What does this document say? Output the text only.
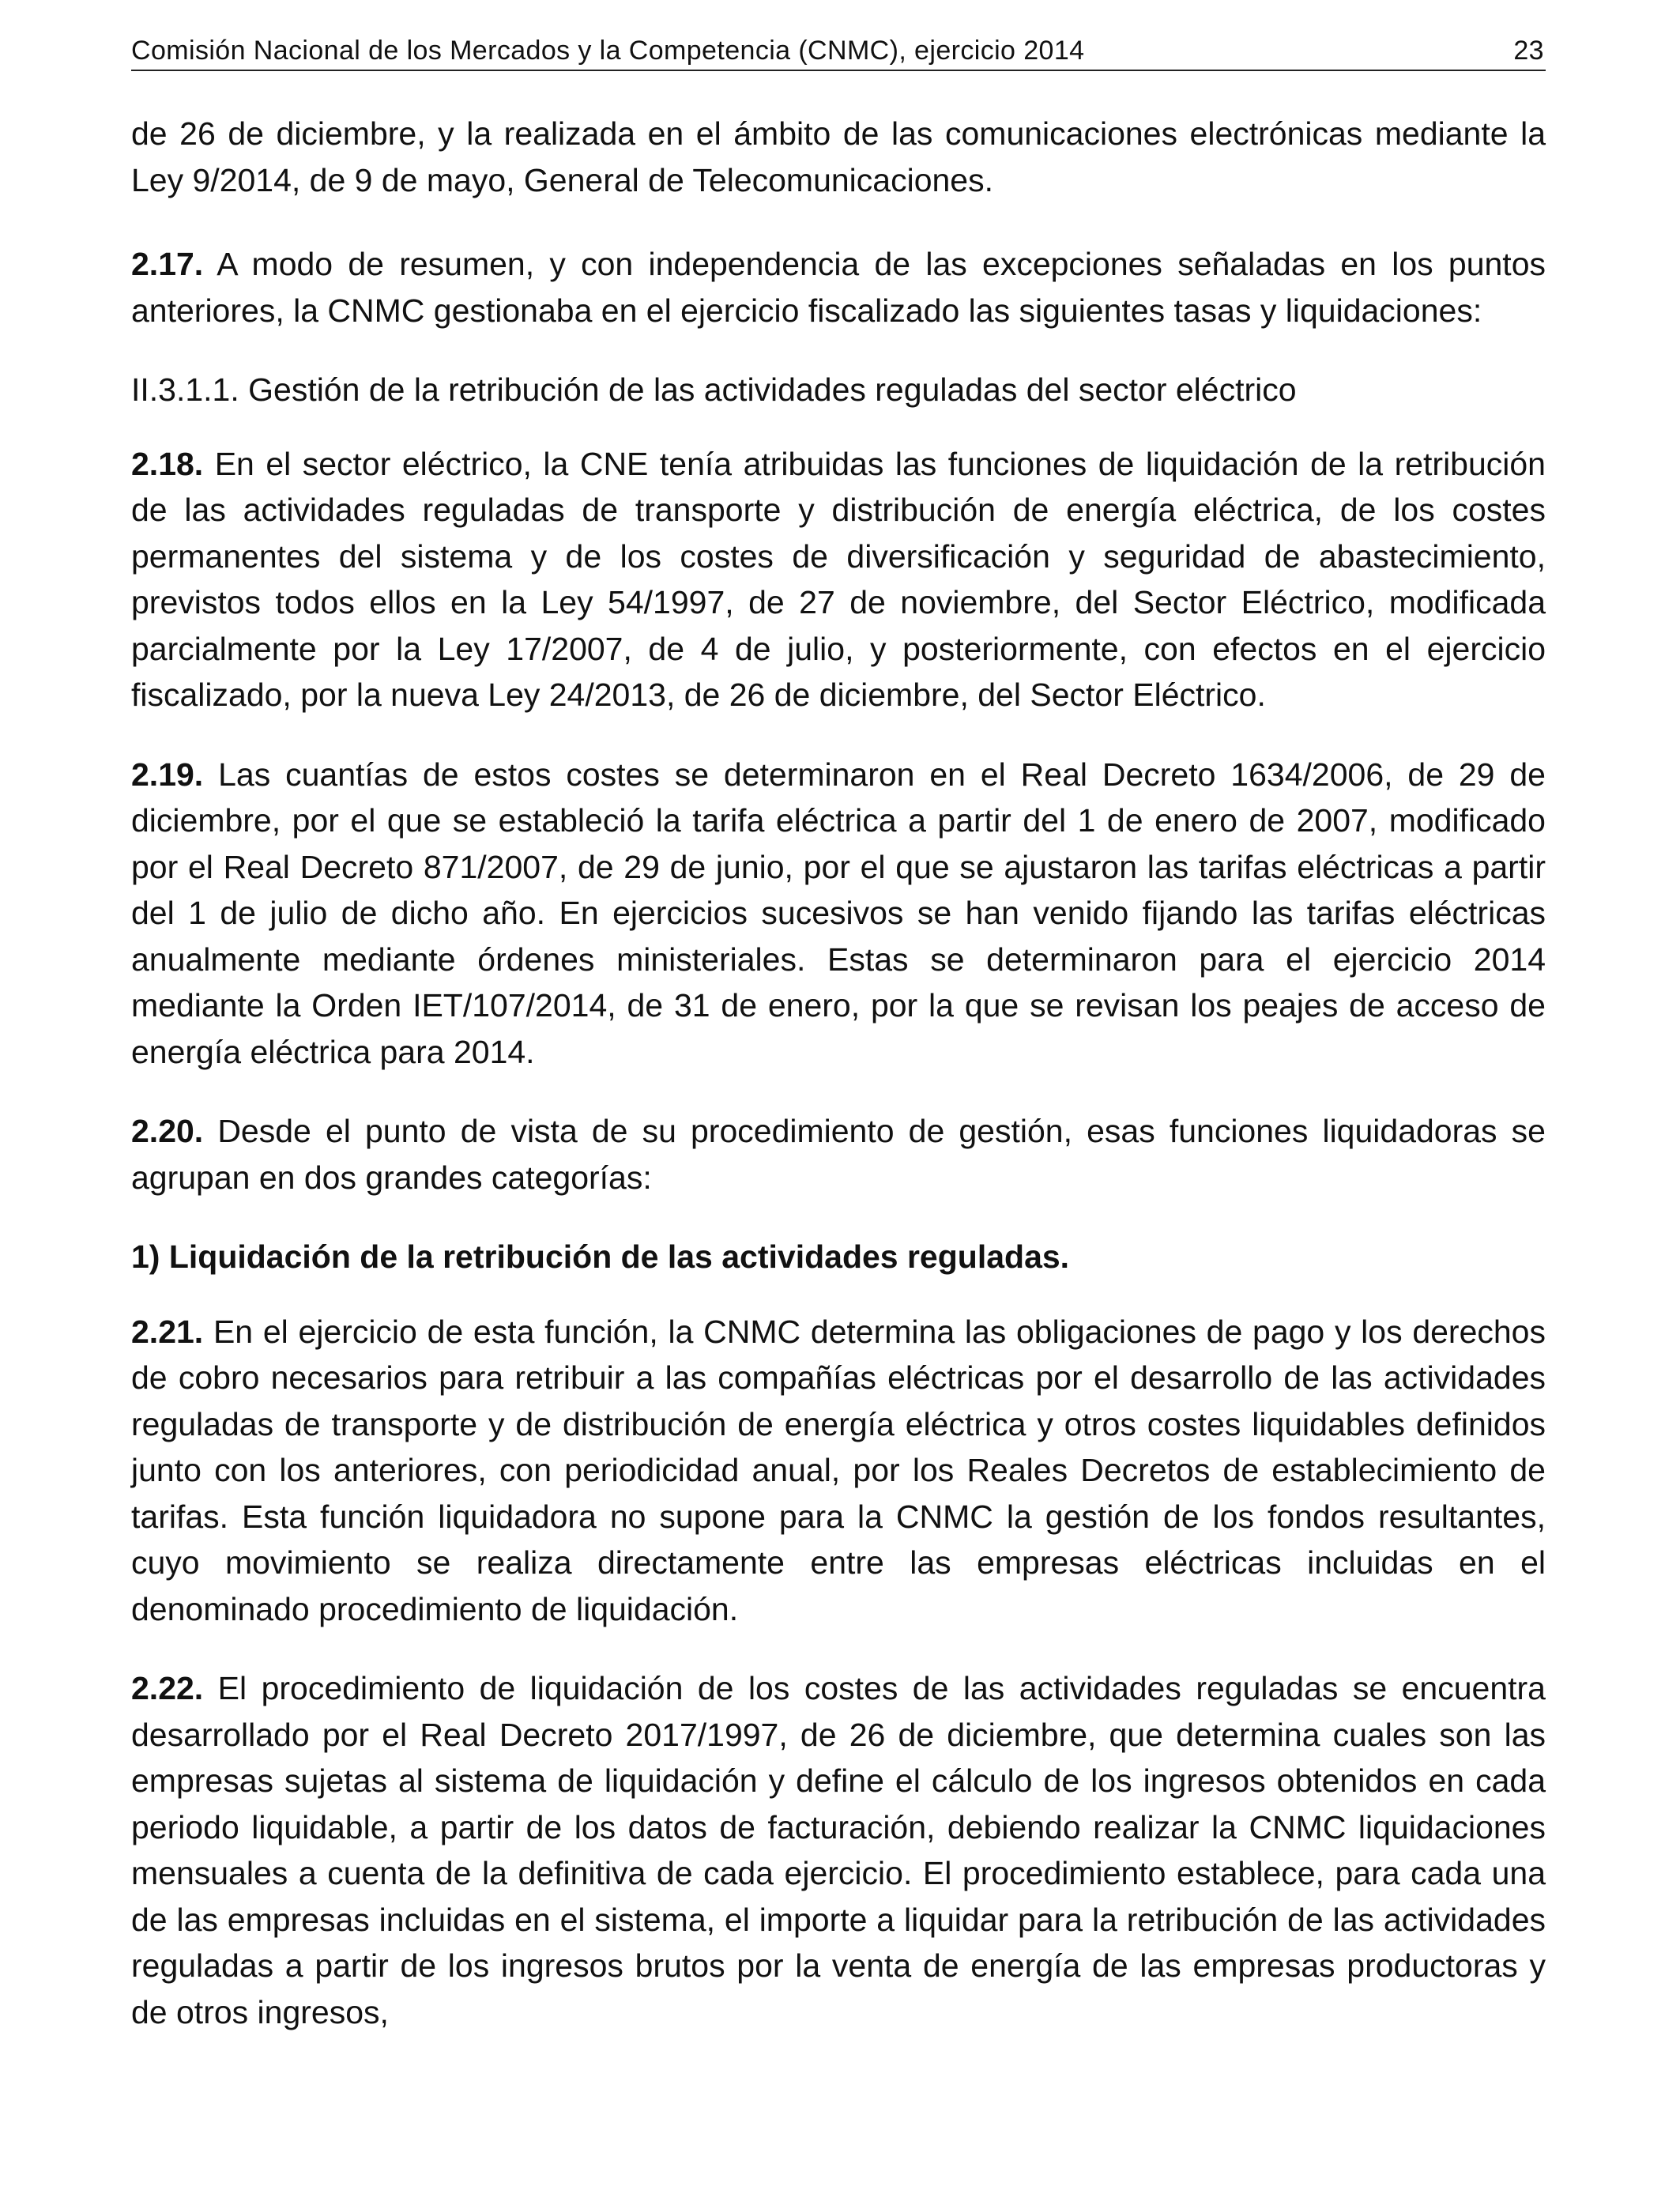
Comisión Nacional de los Mercados y la Competencia (CNMC), ejercicio 2014	23

de 26 de diciembre, y la realizada en el ámbito de las comunicaciones electrónicas mediante la Ley 9/2014, de 9 de mayo, General de Telecomunicaciones.

2.17. A modo de resumen, y con independencia de las excepciones señaladas en los puntos anteriores, la CNMC gestionaba en el ejercicio fiscalizado las siguientes tasas y liquidaciones:

II.3.1.1. Gestión de la retribución de las actividades reguladas del sector eléctrico

2.18. En el sector eléctrico, la CNE tenía atribuidas las funciones de liquidación de la retribución de las actividades reguladas de transporte y distribución de energía eléctrica, de los costes permanentes del sistema y de los costes de diversificación y seguridad de abastecimiento, previstos todos ellos en la Ley 54/1997, de 27 de noviembre, del Sector Eléctrico, modificada parcialmente por la Ley 17/2007, de 4 de julio, y posteriormente, con efectos en el ejercicio fiscalizado, por la nueva Ley 24/2013, de 26 de diciembre, del Sector Eléctrico.

2.19. Las cuantías de estos costes se determinaron en el Real Decreto 1634/2006, de 29 de diciembre, por el que se estableció la tarifa eléctrica a partir del 1 de enero de 2007, modificado por el Real Decreto 871/2007, de 29 de junio, por el que se ajustaron las tarifas eléctricas a partir del 1 de julio de dicho año. En ejercicios sucesivos se han venido fijando las tarifas eléctricas anualmente mediante órdenes ministeriales. Estas se determinaron para el ejercicio 2014 mediante la Orden IET/107/2014, de 31 de enero, por la que se revisan los peajes de acceso de energía eléctrica para 2014.

2.20. Desde el punto de vista de su procedimiento de gestión, esas funciones liquidadoras se agrupan en dos grandes categorías:

1) Liquidación de la retribución de las actividades reguladas.

2.21. En el ejercicio de esta función, la CNMC determina las obligaciones de pago y los derechos de cobro necesarios para retribuir a las compañías eléctricas por el desarrollo de las actividades reguladas de transporte y de distribución de energía eléctrica y otros costes liquidables definidos junto con los anteriores, con periodicidad anual, por los Reales Decretos de establecimiento de tarifas. Esta función liquidadora no supone para la CNMC la gestión de los fondos resultantes, cuyo movimiento se realiza directamente entre las empresas eléctricas incluidas en el denominado procedimiento de liquidación.

2.22. El procedimiento de liquidación de los costes de las actividades reguladas se encuentra desarrollado por el Real Decreto 2017/1997, de 26 de diciembre, que determina cuales son las empresas sujetas al sistema de liquidación y define el cálculo de los ingresos obtenidos en cada periodo liquidable, a partir de los datos de facturación, debiendo realizar la CNMC liquidaciones mensuales a cuenta de la definitiva de cada ejercicio. El procedimiento establece, para cada una de las empresas incluidas en el sistema, el importe a liquidar para la retribución de las actividades reguladas a partir de los ingresos brutos por la venta de energía de las empresas productoras y de otros ingresos,
